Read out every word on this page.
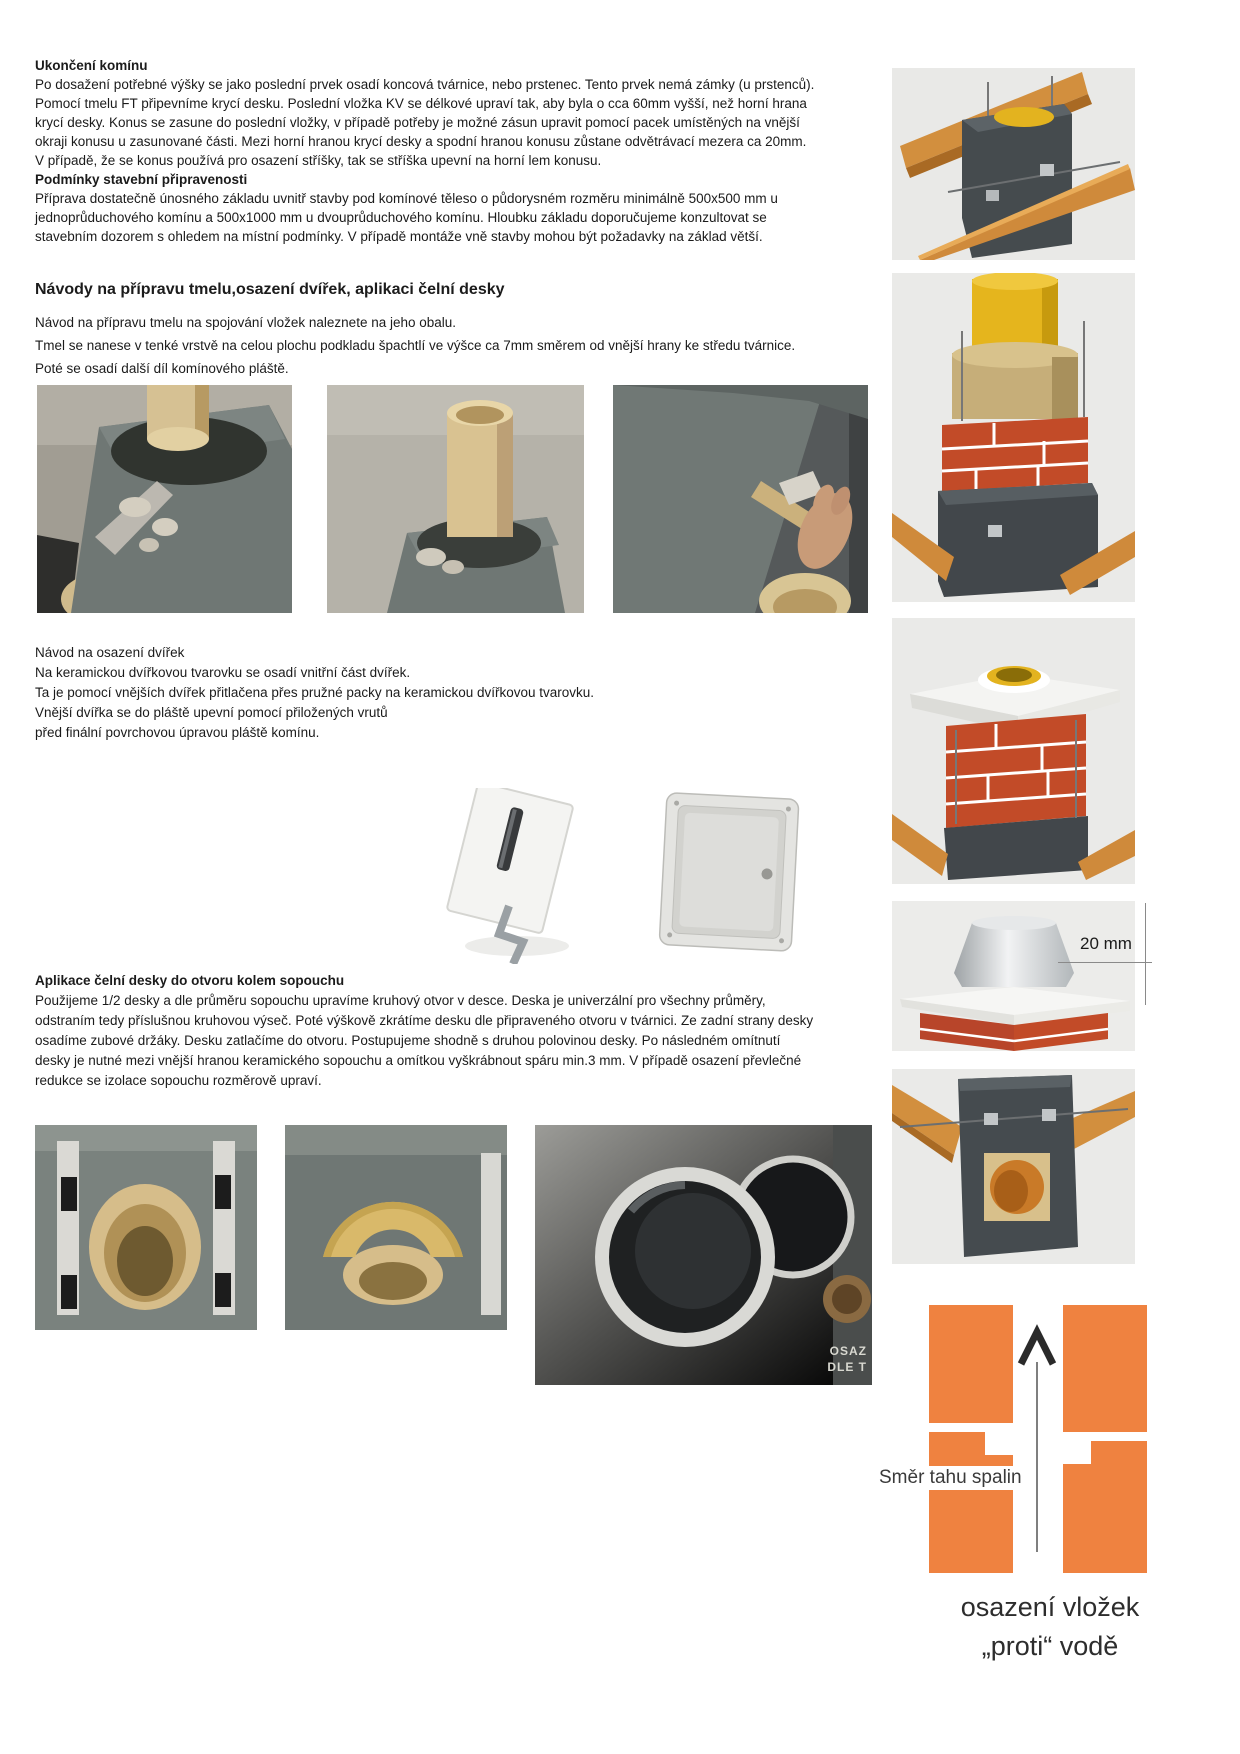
Ukončení komínu
Po dosažení potřebné výšky se jako poslední prvek osadí koncová tvárnice, nebo prstenec. Tento prvek nemá zámky (u prstenců).
Pomocí tmelu FT připevníme krycí desku. Poslední vložka KV se délkové upraví tak, aby byla o cca 60mm vyšší, než horní hrana
krycí desky. Konus se zasune do poslední vložky, v případě potřeby je možné zásun upravit pomocí pacek umístěných na vnější
okraji konusu u zasunované části. Mezi horní hranou krycí desky a spodní hranou konusu zůstane odvětrávací mezera ca 20mm.
V případě, že se konus používá pro osazení stříšky, tak se stříška upevní na horní lem konusu.
Podmínky stavební připravenosti
Příprava dostatečně únosného základu uvnitř stavby pod komínové těleso o půdorysném rozměru minimálně 500x500 mm u
jednoprůduchového komínu a 500x1000 mm u dvouprůduchového komínu. Hloubku základu doporučujeme konzultovat se
stavebním dozorem s ohledem na místní podmínky. V případě montáže vně stavby mohou být požadavky na základ větší.
Návody na přípravu tmelu,osazení dvířek, aplikaci čelní desky
Návod na přípravu tmelu na spojování vložek naleznete na jeho obalu.
Tmel se nanese v tenké vrstvě na celou plochu podkladu špachtlí ve výšce ca 7mm směrem od vnější hrany ke středu tvárnice.
Poté se osadí další díl komínového pláště.
Návod na osazení dvířek
Na keramickou dvířkovou tvarovku se osadí vnitřní část dvířek.
Ta je pomocí vnějších dvířek přitlačena přes pružné packy na keramickou dvířkovou tvarovku.
Vnější dvířka se do pláště upevní pomocí přiložených vrutů
před finální povrchovou úpravou pláště komínu.
Aplikace čelní desky do otvoru kolem sopouchu
Použijeme 1/2 desky a dle průměru sopouchu upravíme kruhový otvor v desce. Deska je univerzální pro všechny průměry,
odstraním tedy příslušnou kruhovou výseč. Poté výškově zkrátíme desku dle připraveného otvoru v tvárnici. Ze zadní strany desky
osadíme zubové držáky. Desku zatlačíme do otvoru. Postupujeme shodně s druhou polovinou desky. Po následném omítnutí
desky je nutné mezi vnější hranou keramického sopouchu a omítkou vyškrábnout spáru min.3 mm. V případě osazení převlečné
redukce se izolace sopouchu rozměrově upraví.
OSAZ
DLE T
20 mm
Směr tahu spalin
osazení vložek
„proti“ vodě
